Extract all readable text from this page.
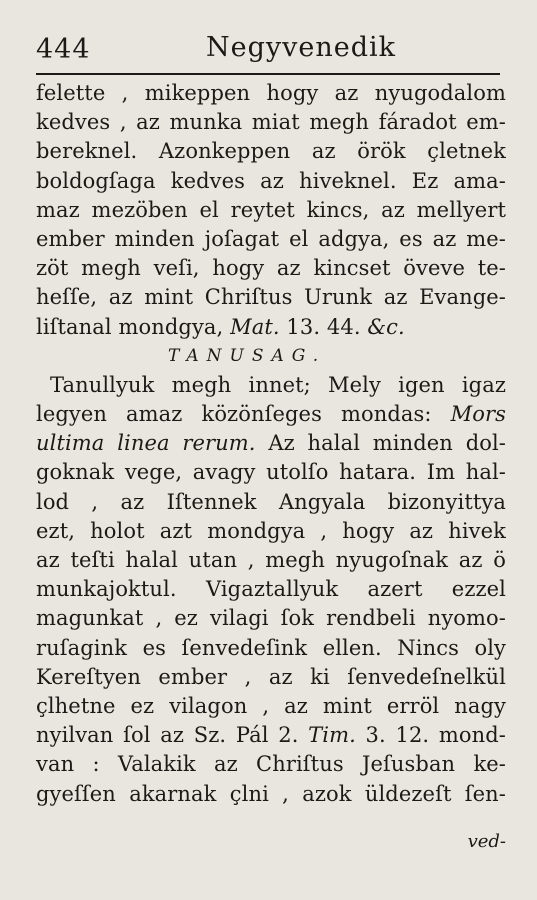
444	Negyvenedik
felette , mikeppen hogy az nyugodalom
kedves , az munka miat megh fáradot em-
bereknel. Azonkeppen az örök çletnek
boldogſaga kedves az hiveknel. Ez ama-
maz mezöben el reytet kincs, az mellyert
ember minden joſagat el adgya, es az me-
zöt megh veſi, hogy az kincset öveve te-
heſſe, az mint Chriſtus Urunk az Evange-
liſtanal mondgya, Mat. 13. 44. &c.
TANUSAG.
Tanullyuk megh innet; Mely igen igaz
legyen amaz közönſeges mondas: Mors
ultima linea rerum. Az halal minden dol-
goknak vege, avagy utolſo hatara. Im hal-
lod , az Iſtennek Angyala bizonyittya
ezt, holot azt mondgya , hogy az hivek
az teſti halal utan , megh nyugoſnak az ö
munkajoktul. Vigaztallyuk azert ezzel
magunkat , ez vilagi ſok rendbeli nyomo-
ruſagink es ſenvedeſink ellen. Nincs oly
Kereſtyen ember , az ki ſenvedeſnelkül
çlhetne ez vilagon , az mint erröl nagy
nyilvan ſol az Sz. Pál 2. Tim. 3. 12. mond-
van : Valakik az Chriſtus Jeſusban ke-
gyeſſen akarnak çlni , azok üldezeſt ſen-
ved-
